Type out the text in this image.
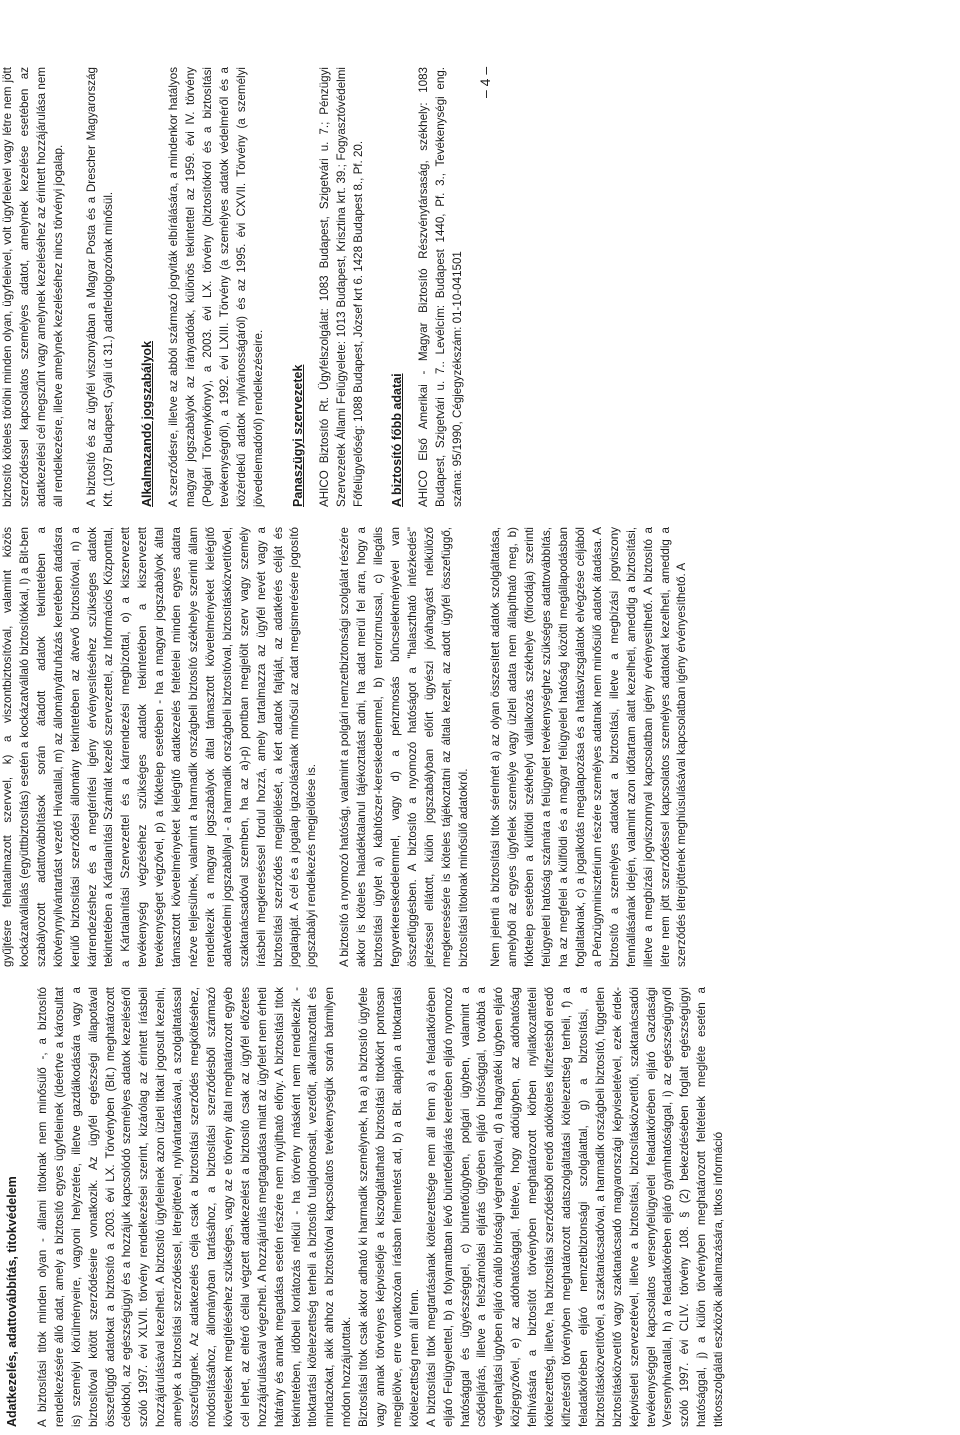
Adatkezelés, adattovábbítás, titokvédelem A biztosítási titok minden olyan - állami titoknak nem minősülő -, a biztosító rendelkezésére álló adat, amely a biztosító egyes ügyfeleinek (ideértve a károsultat is) személyi körülményeire, vagyoni helyzetére, illetve gazdálkodására vagy a biztosítóval kötött szerződéseire vonatkozik. Az ügyfél egészségi állapotával összefüggő adatokat a biztosító a 2003. évi LX. Törvényben (Bit.) meghatározott célokból, az egészségügyi és a hozzájuk kapcsolódó személyes adatok kezeléséről szóló 1997. évi XLVII. törvény rendelkezései szerint, kizárólag az érintett írásbeli hozzájárulásával kezelheti. A biztosító ügyfeleinek azon üzleti titkait jogosult kezelni, amelyek a biztosítási szerződéssel, létrejöttével, nyilvántartásával, a szolgáltatással összefüggnek. Az adatkezelés célja csak a biztosítási szerződés megkötéséhez, módosításához, állományban tartásához, a biztosítási szerződésből származó követelések megítéléséhez szükséges, vagy az e törvény által meghatározott egyéb cél lehet, az eltérő céllal végzett adatkezelést a biztosító csak az ügyfél előzetes hozzájárulásával végezheti. A hozzájárulás megtagadása miatt az ügyfelet nem érheti hátrány és annak megadása esetén részére nem nyújtható előny. A biztosítási titok tekintetében, időbeli korlátozás nélkül - ha törvény másként nem rendelkezik - titoktartási kötelezettség terheli a biztosító tulajdonosait, vezetőit, alkalmazottait és mindazokat, akik ahhoz a biztosítóval kapcsolatos tevékenységük során bármilyen módon hozzájutottak. Biztosítási titok csak akkor adható ki harmadik személynek, ha a) a biztosító ügyfele vagy annak törvényes képviselője a kiszolgáltatható biztosítási titokkört pontosan megjelölve, erre vonatkozóan írásban felmentést ad, b) a Bit. alapján a titoktartási kötelezettség nem áll fenn. A biztosítási titok megtartásának kötelezettsége nem áll fenn a) a feladatkörében eljáró Felügyelettel, b) a folyamatban lévő büntetőeljárás keretében eljáró nyomozó hatósággal és ügyészséggel, c) büntetőügyben, polgári ügyben, valamint a csődeljárás, illetve a felszámolási eljárás ügyében eljáró bírósággal, továbbá a végrehajtási ügyben eljáró önálló bírósági végrehajtóval, d) a hagyatéki ügyben eljáró közjegyzővel, e) az adóhatósággal, feltéve, hogy adóügyben, az adóhatóság felhívására a biztosítót törvényben meghatározott körben nyilatkozattételi kötelezettség, illetve, ha biztosítási szerződésből eredő adóköteles kifizetésből eredő kifizetésről törvényben meghatározott adatszolgáltatási kötelezettség terheli, f) a feladatkörében eljáró nemzetbiztonsági szolgálattal, g) a biztosítási, a biztosításközvetítővel, a szaktanácsadóval, a harmadik országbeli biztosító, független biztosításközvetítő vagy szaktanácsadó magyarországi képviseletével, ezek érdek-képviseleti szervezetével, illetve a biztosítási, biztosításközvetítői, szaktanácsadói tevékenységgel kapcsolatos versenyfelügyeleti feladatkörében eljáró Gazdasági Versenyhivatallal, h) a feladatkörében eljáró gyámhatósággal, i) az egészségügyről szóló 1997. évi CLIV. törvény 108. § (2) bekezdésében foglalt egészségügyi hatósággal, j) a külön törvényben meghatározott feltételek megléte esetén a titkosszolgálati eszközök alkalmazására, titkos információ

gyűjtésre felhatalmazott szervvel, k) a viszontbiztosítóval, valamint közös kockázatvállalás (együttbiztosítás) esetén a kockázatvállaló biztosítókkal, l) a Bit-ben szabályozott adattovábbítások során átadott adatok tekintetében a kötvénynyilvántartást vezető Hivatallal, m) az állományátruházás keretében átadásra kerülő biztosítási szerződési állomány tekintetében az átvevő biztosítóval, n) a kárrendezéshez és a megtérítési igény érvényesítéséhez szükséges adatok tekintetében a Kártalanítási Számlát kezelő szervezettel, az Információs Központtal, a Kártalanítási Szervezettel és a kárrendezési megbízottal, o) a kiszervezett tevékenység végzéséhez szükséges adatok tekintetében a kiszervezett tevékenységet végzővel, p) a fióktelep esetében - ha a magyar jogszabályok által támasztott követelményeket kielégítő adatkezelés feltételei minden egyes adatra nézve teljesülnek, valamint a harmadik országbeli biztosító székhelye szerinti állam rendelkezik a magyar jogszabályok által támasztott követelményeket kielégítő adatvédelmi jogszabállyal - a harmadik országbeli biztosítóval, biztosításközvetítővel, szaktanácsadóval szemben, ha az a)-p) pontban megjelölt szerv vagy személy írásbeli megkereséssel fordul hozzá, amely tartalmazza az ügyfél nevét vagy a biztosítási szerződés megjelölését, a kért adatok fajtáját, az adatkérés célját és jogalapját. A cél és a jogalap igazolásának minősül az adat megismerésére jogosító jogszabályi rendelkezés megjelölése is. A biztosító a nyomozó hatóság, valamint a polgári nemzetbiztonsági szolgálat részére akkor is köteles haladéktalanul tájékoztatást adni, ha adat merül fel arra, hogy a biztosítási ügylet a) kábítószer-kereskedelemmel, b) terrorizmussal, c) illegális fegyverkereskedelemmel, vagy d) a pénzmosás bűncselekményével van összefüggésben. A biztosító a nyomozó hatóságot a "halasztható intézkedés" jelzéssel ellátott, külön jogszabályban előírt ügyészi jóváhagyást nélkülöző megkeresésére is köteles tájékoztatni az általa kezelt, az adott ügyfél összefüggő, biztosítási titoknak minősülő adatokról. Nem jelenti a biztosítási titok sérelmét a) az olyan összesített adatok szolgáltatása, amelyből az egyes ügyfelek személye vagy üzleti adata nem állapítható meg, b) fióktelep esetében a külföldi székhelyű vállalkozás székhelye (főirodája) szerinti felügyeleti hatóság számára a felügyelet tevékenységhez szükséges adattovábbítás, ha az megfelel a külföldi és a magyar felügyeleti hatóság közötti megállapodásban foglaltaknak, c) a jogalkotás megalapozása és a hatásvizsgálatok elvégzése céljából a Pénzügyminisztérium részére személyes adatnak nem minősülő adatok átadása. A biztosító a személyes adatokat a biztosítási, illetve a megbízási jogviszony fennállásának idején, valamint azon időtartam alatt kezelheti, ameddig a biztosítási, illetve a megbízási jogviszonnyal kapcsolatban igény érvényesíthető. A biztosító a létre nem jött szerződéssel kapcsolatos személyes adatokat kezelheti, ameddig a szerződés létrejöttének meghiúsulásával kapcsolatban igény érvényesíthető. A

biztosító köteles törölni minden olyan, ügyfeleivel, volt ügyfeleivel vagy létre nem jött szerződéssel kapcsolatos személyes adatot, amelynek kezelése esetében az adatkezelési cél megszűnt vagy amelynek kezeléséhez az érintett hozzájárulása nem áll rendelkezésre, illetve amelynek kezeléséhez nincs törvényi jogalap. A biztosító és az ügyfél viszonyában a Magyar Posta és a Drescher Magyarország Kft. (1097 Budapest, Gyáli út 31.) adatfeldolgozónak minősül. Alkalmazandó jogszabályok A szerződésre, illetve az abból származó jogviták elbírálására, a mindenkor hatályos magyar jogszabályok az irányadóak, különös tekintettel az 1959. évi IV. törvény (Polgári Törvénykönyv), a 2003. évi LX. törvény (biztosítókról és a biztosítási tevékenységről), a 1992. évi LXIII. Törvény (a személyes adatok védelméről és a közérdekű adatok nyilvánosságáról) és az 1995. évi CXVII. Törvény (a személyi jövedelemadóról) rendelkezéseire. Panaszügyi szervezetek AHICO Biztosító Rt. Ügyfélszolgálat: 1083 Budapest, Szigetvári u. 7.; Pénzügyi Szervezetek Állami Felügyelete: 1013 Budapest, Krisztina krt. 39.; Fogyasztóvédelmi Főfelügyelőség: 1088 Budapest, József krt 6. 1428 Budapest 8., Pf. 20. A biztosító főbb adatai AHICO Első Amerikai - Magyar Biztosító Részvénytársaság, székhely: 1083 Budapest, Szigetvári u. 7.. Levélcím: Budapest 1440, Pf. 3., Tevékenységi eng. száma: 95/1990, Cégjegyzékszám: 01-10-041501

– 4 –
